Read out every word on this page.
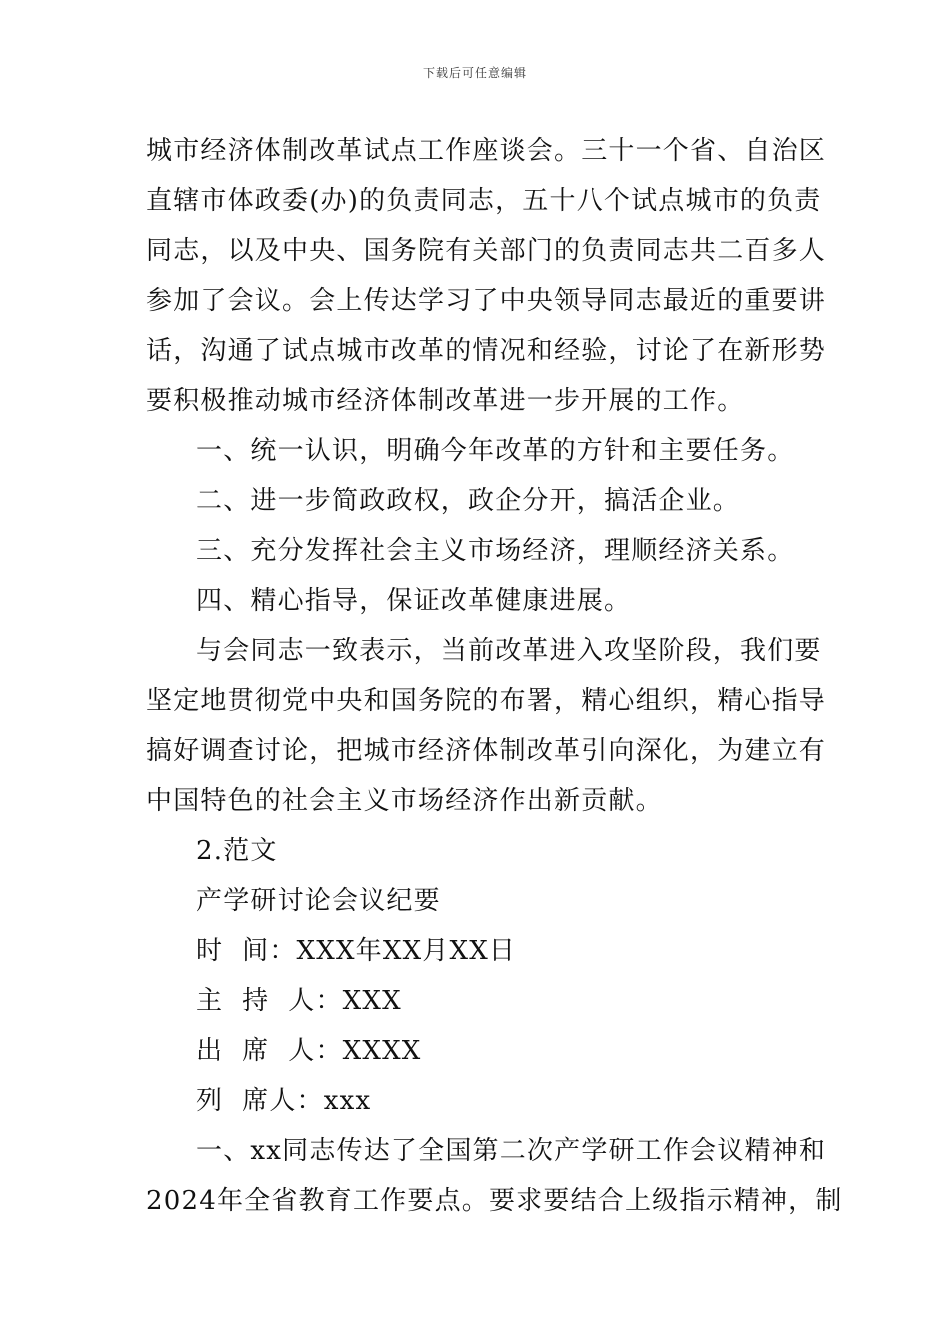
下载后可任意编辑
城市经济体制改革试点工作座谈会。三十一个省、自治区
直辖市体政委(办)的负责同志，五十八个试点城市的负责
同志，以及中央、国务院有关部门的负责同志共二百多人
参加了会议。会上传达学习了中央领导同志最近的重要讲
话，沟通了试点城市改革的情况和经验，讨论了在新形势
要积极推动城市经济体制改革进一步开展的工作。
一、统一认识，明确今年改革的方针和主要任务。
二、进一步简政政权，政企分开，搞活企业。
三、充分发挥社会主义市场经济，理顺经济关系。
四、精心指导，保证改革健康进展。
与会同志一致表示，当前改革进入攻坚阶段，我们要
坚定地贯彻党中央和国务院的布署，精心组织，精心指导
搞好调查讨论，把城市经济体制改革引向深化，为建立有
中国特色的社会主义市场经济作出新贡献。
2.范文
产学研讨论会议纪要
时  间：XXX年XX月XX日
主  持  人：XXX
出  席  人：XXXX
列  席人：xxx
一、xx同志传达了全国第二次产学研工作会议精神和
2024年全省教育工作要点。要求要结合上级指示精神，制
